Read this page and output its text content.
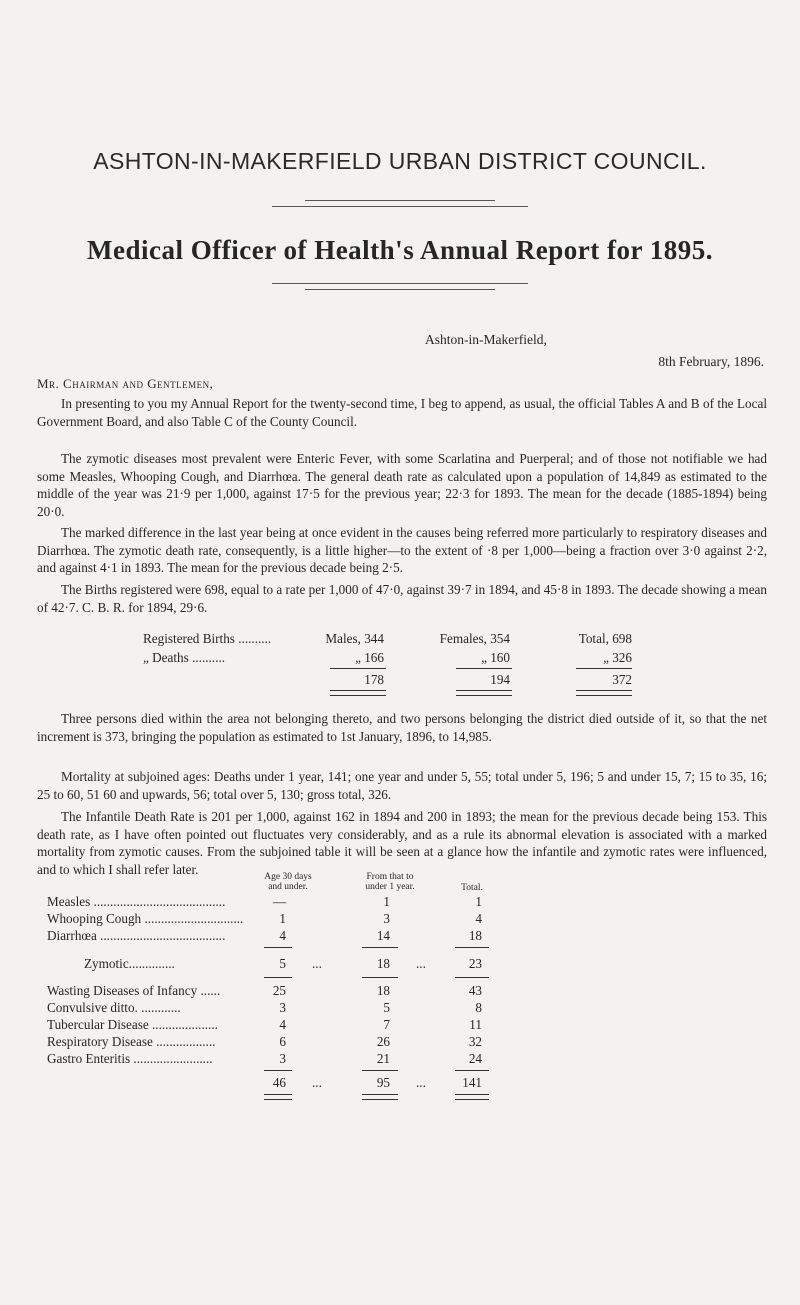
ASHTON-IN-MAKERFIELD URBAN DISTRICT COUNCIL.
Medical Officer of Health's Annual Report for 1895.
Ashton-in-Makerfield,
8th February, 1896.
Mr. Chairman and Gentlemen,
In presenting to you my Annual Report for the twenty-second time, I beg to append, as usual, the official Tables A and B of the Local Government Board, and also Table C of the County Council.
The zymotic diseases most prevalent were Enteric Fever, with some Scarlatina and Puerperal; and of those not notifiable we had some Measles, Whooping Cough, and Diarrhœa. The general death rate as calculated upon a population of 14,849 as estimated to the middle of the year was 21·9 per 1,000, against 17·5 for the previous year; 22·3 for 1893. The mean for the decade (1885-1894) being 20·0.
The marked difference in the last year being at once evident in the causes being referred more particularly to respiratory diseases and Diarrhœa. The zymotic death rate, consequently, is a little higher—to the extent of ·8 per 1,000—being a fraction over 3·0 against 2·2, and against 4·1 in 1893. The mean for the previous decade being 2·5.
The Births registered were 698, equal to a rate per 1,000 of 47·0, against 39·7 in 1894, and 45·8 in 1893. The decade showing a mean of 42·7. C. B. R. for 1894, 29·6.
Registered Births ..........	Males, 344	Females, 354	Total, 698
„ Deaths ..........	„ 166	„ 160	„ 326
178	194	372
Three persons died within the area not belonging thereto, and two persons belonging the district died outside of it, so that the net increment is 373, bringing the population as estimated to 1st January, 1896, to 14,985.
Mortality at subjoined ages: Deaths under 1 year, 141; one year and under 5, 55; total under 5, 196; 5 and under 15, 7; 15 to 35, 16; 25 to 60, 51 60 and upwards, 56; total over 5, 130; gross total, 326.
The Infantile Death Rate is 201 per 1,000, against 162 in 1894 and 200 in 1893; the mean for the previous decade being 153. This death rate, as I have often pointed out fluctuates very considerably, and as a rule its abnormal elevation is associated with a marked mortality from zymotic causes. From the subjoined table it will be seen at a glance how the infantile and zymotic rates were influenced, and to which I shall refer later.
Age 30 days
and under.
From that to
under 1 year.	Total.
Measles ........................................	—	1	1
Whooping Cough ..............................	1	3	4
Diarrhœa ......................................	4	14	18
Zymotic..............	5 ...	18 ...	23
Wasting Diseases of Infancy ......	25	18	43
Convulsive ditto. ............	3	5	8
Tubercular Disease ....................	4	7	11
Respiratory Disease ..................	6	26	32
Gastro Enteritis ........................	3	21	24
46 ...	95 ...	141
